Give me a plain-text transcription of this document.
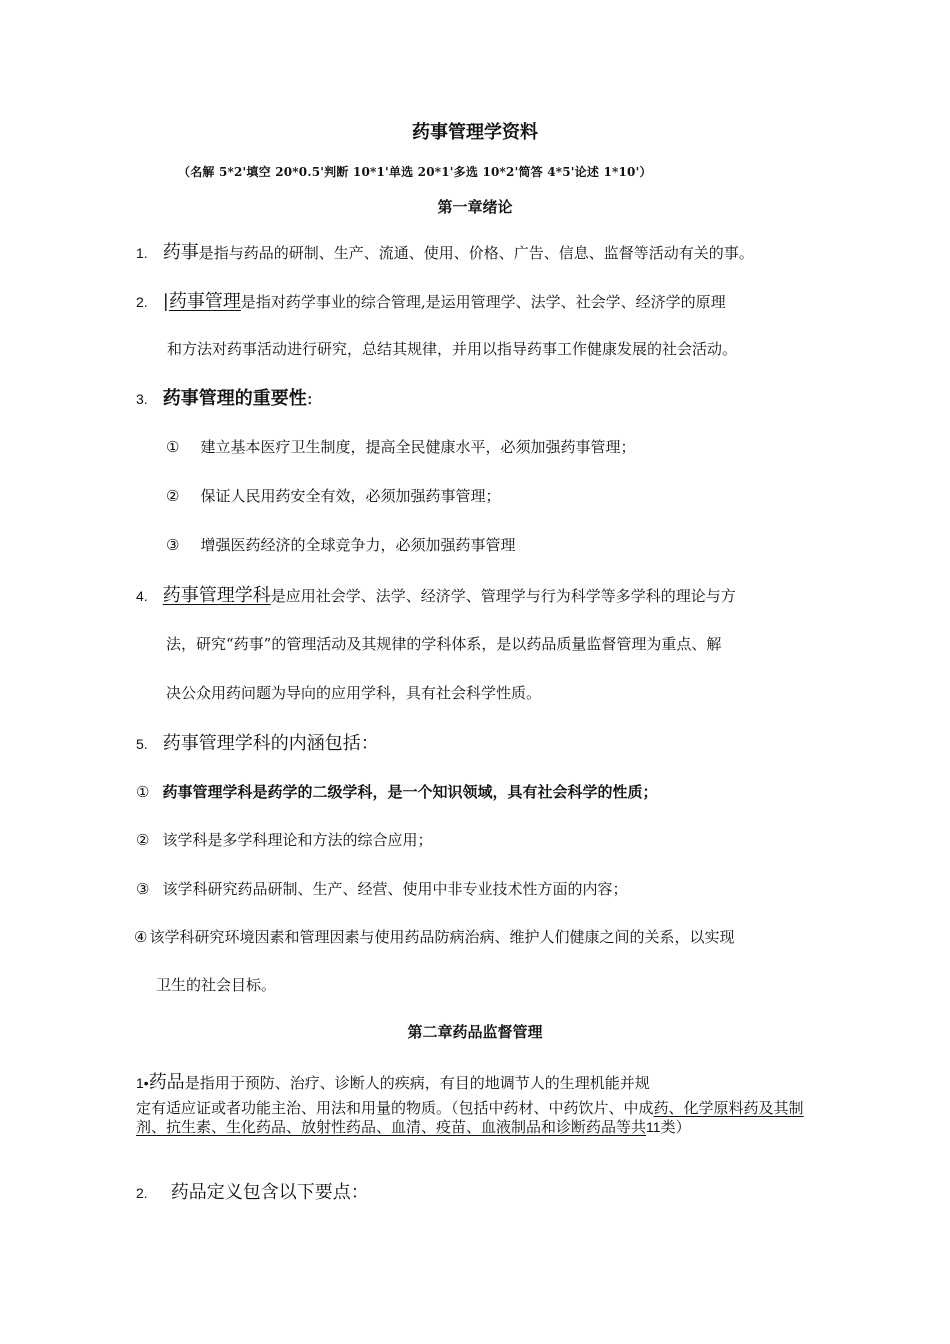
药事管理学资料
（名解 5*2'填空 20*0.5'判断 10*1'单选 20*1'多选 10*2'简答 4*5'论述 1*10'）
第一章绪论
1. 药事是指与药品的研制、生产、流通、使用、价格、广告、信息、监督等活动有关的事。
2. |药事管理是指对药学事业的综合管理,是运用管理学、法学、社会学、经济学的原理
和方法对药事活动进行研究，总结其规律，并用以指导药事工作健康发展的社会活动。
3. 药事管理的重要性:
① 建立基本医疗卫生制度，提高全民健康水平，必须加强药事管理；
② 保证人民用药安全有效，必须加强药事管理；
③ 增强医药经济的全球竞争力，必须加强药事管理
4. 药事管理学科是应用社会学、法学、经济学、管理学与行为科学等多学科的理论与方
法，研究“药事”的管理活动及其规律的学科体系，是以药品质量监督管理为重点、解
决公众用药问题为导向的应用学科，具有社会科学性质。
5. 药事管理学科的内涵包括：
① 药事管理学科是药学的二级学科，是一个知识领域，具有社会科学的性质；
② 该学科是多学科理论和方法的综合应用；
③ 该学科研究药品研制、生产、经营、使用中非专业技术性方面的内容；
④ 该学科研究环境因素和管理因素与使用药品防病治病、维护人们健康之间的关系，以实现
卫生的社会目标。
第二章药品监督管理
1•药品是指用于预防、治疗、诊断人的疾病，有目的地调节人的生理机能并规
定有适应证或者功能主治、用法和用量的物质。（包括中药材、中药饮片、中成药、化学原料药及其制剂、抗生素、生化药品、放射性药品、血清、疫苗、血液制品和诊断药品等共11类）
2. 药品定义包含以下要点：
